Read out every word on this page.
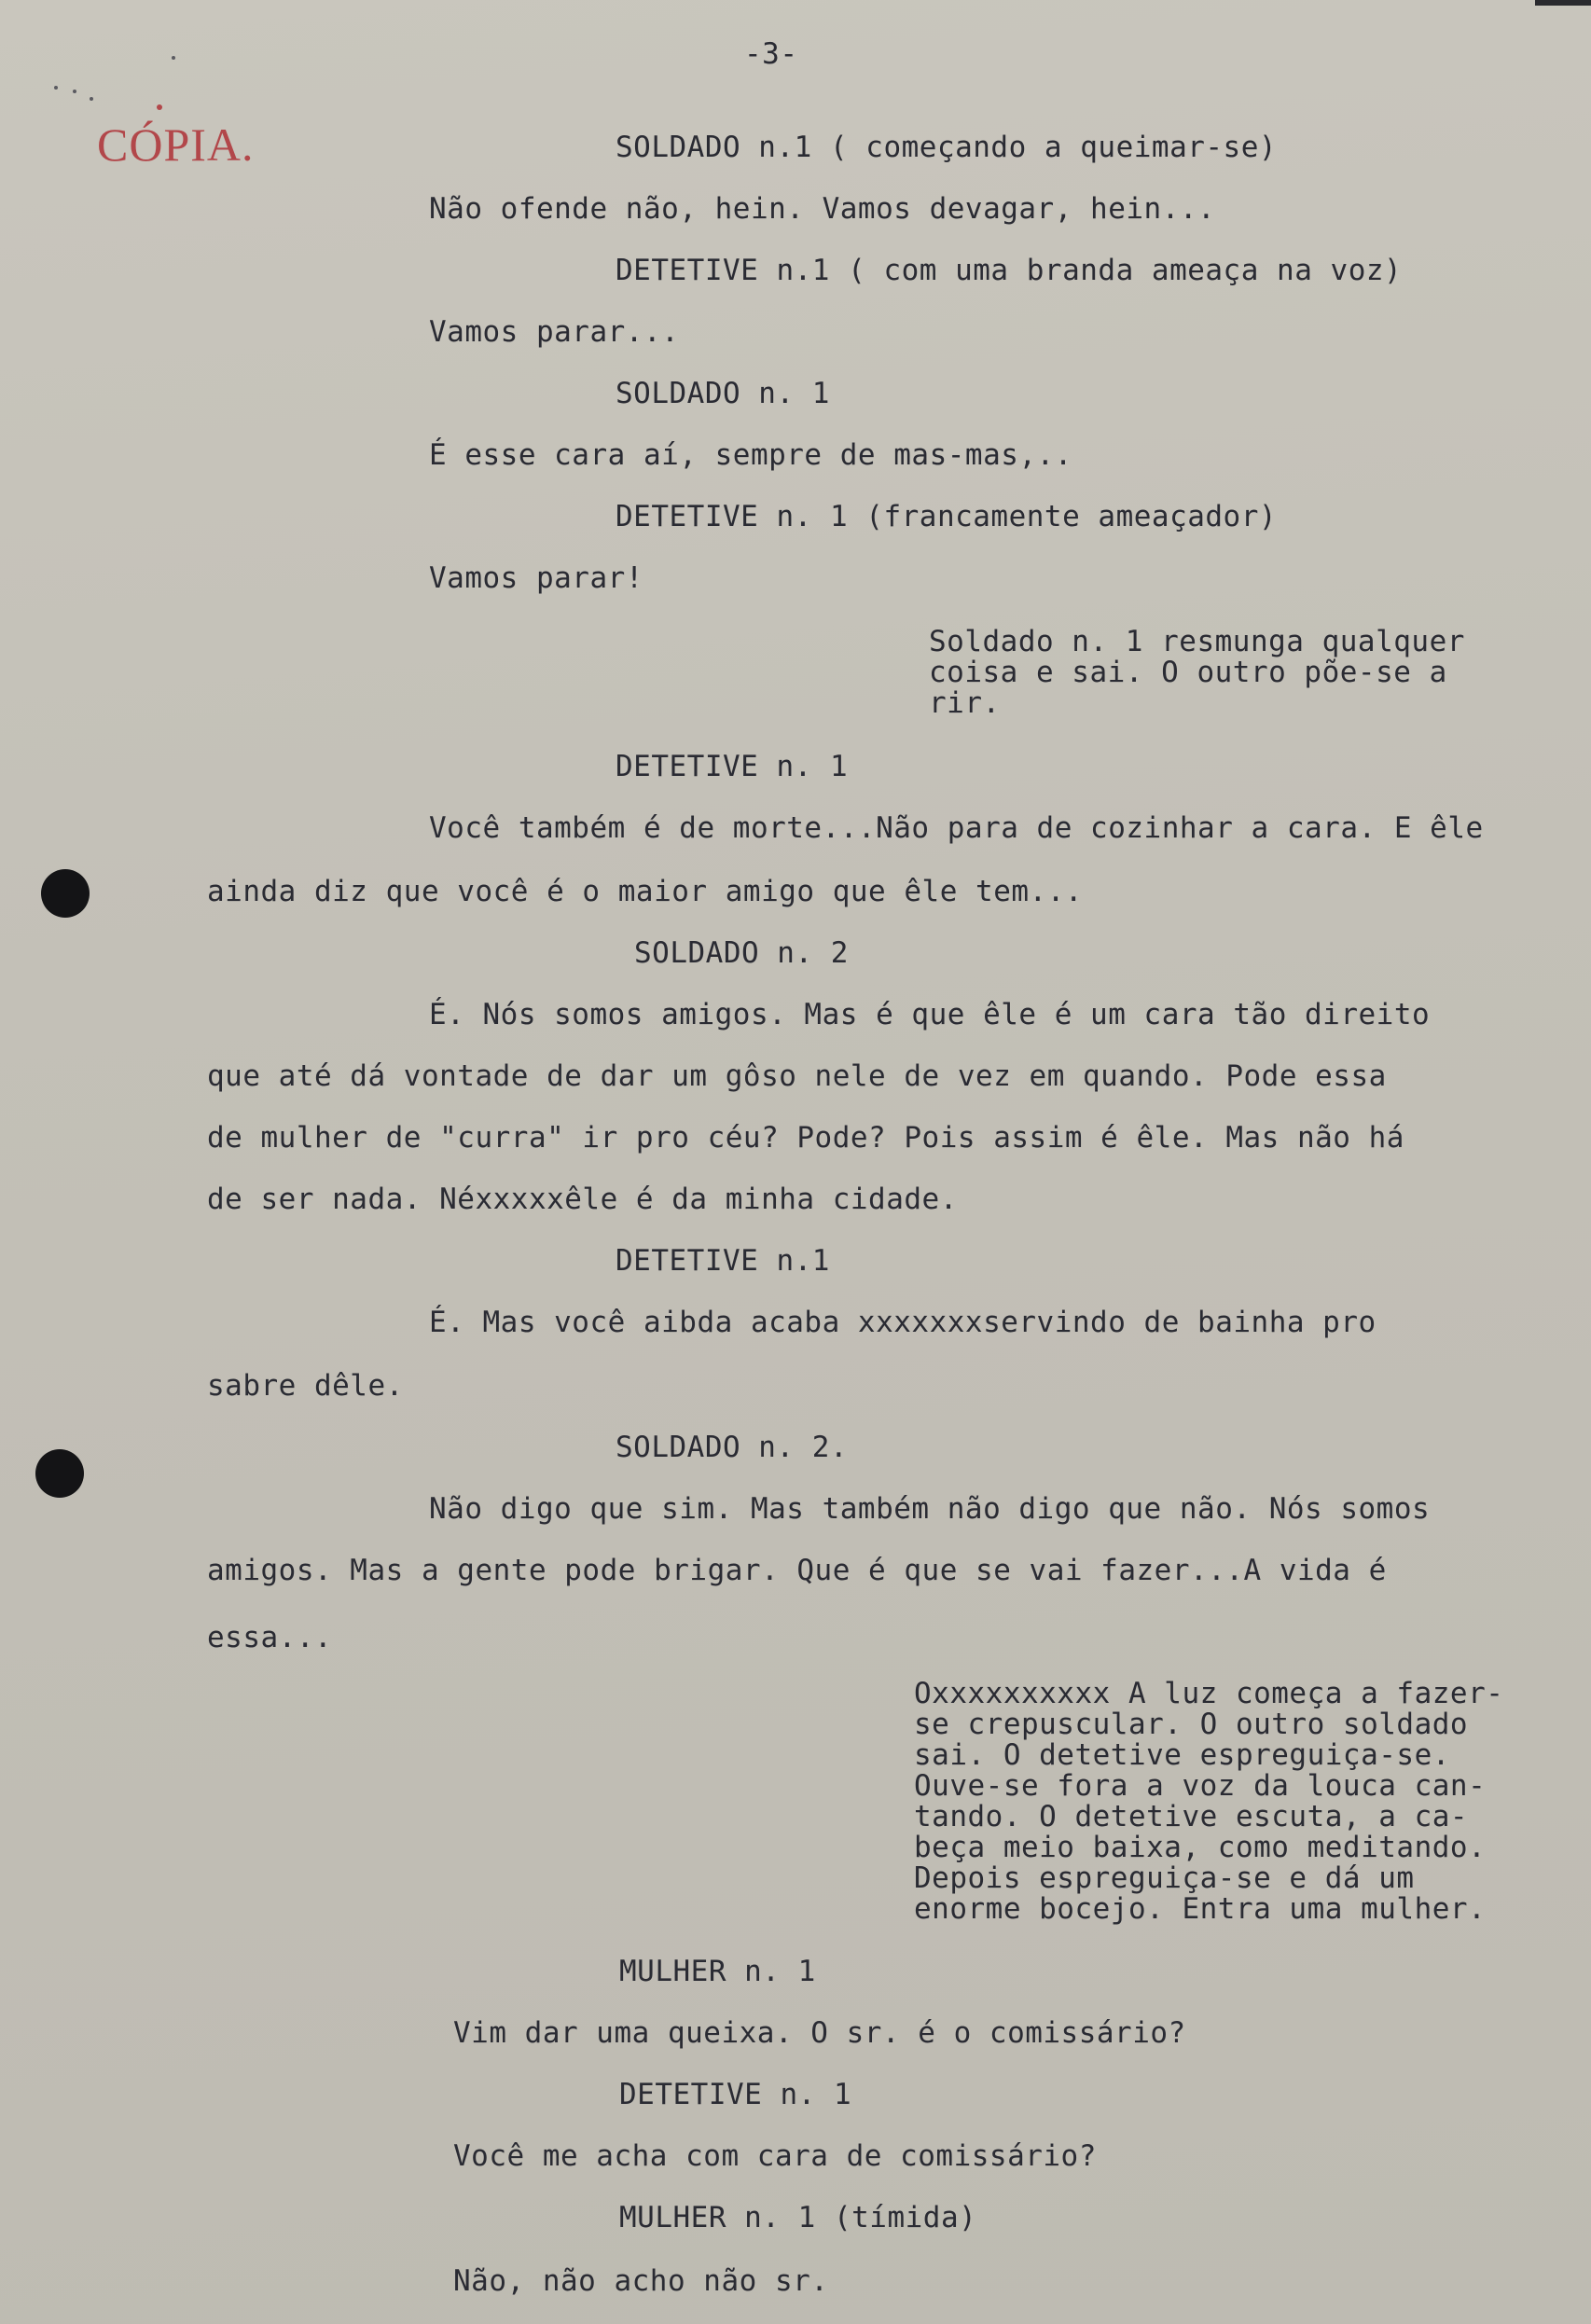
-3-
CÓPIA.	SOLDADO n.1 ( começando a queimar-se)
Não ofende não, hein. Vamos devagar, hein...
DETETIVE n.1 ( com uma branda ameaça na voz)
Vamos parar...
SOLDADO n. 1
É esse cara aí, sempre de mas-mas,..
DETETIVE n. 1 (francamente ameaçador)
Vamos parar!
Soldado n. 1 resmunga qualquer
coisa e sai. O outro põe-se a
rir.
DETETIVE n. 1
Você também é de morte...Não para de cozinhar a cara. E êle
ainda diz que você é o maior amigo que êle tem...
SOLDADO n. 2
É. Nós somos amigos. Mas é que êle é um cara tão direito
que até dá vontade de dar um gôso nele de vez em quando. Pode essa
de mulher de "curra" ir pro céu? Pode? Pois assim é êle. Mas não há
de ser nada. Néxxxxxêle é da minha cidade.
DETETIVE n.1
É. Mas você aibda acaba xxxxxxxservindo de bainha pro
sabre dêle.
SOLDADO n. 2.
Não digo que sim. Mas também não digo que não. Nós somos
amigos. Mas a gente pode brigar. Que é que se vai fazer...A vida é
essa...
Oxxxxxxxxxx A luz começa a fazer-
se crepuscular. O outro soldado
sai. O detetive espreguiça-se.
Ouve-se fora a voz da louca can-
tando. O detetive escuta, a ca-
beça meio baixa, como meditando.
Depois espreguiça-se e dá um
enorme bocejo. Entra uma mulher.
MULHER n. 1
Vim dar uma queixa. O sr. é o comissário?
DETETIVE n. 1
Você me acha com cara de comissário?
MULHER n. 1 (tímida)
Não, não acho não sr.
